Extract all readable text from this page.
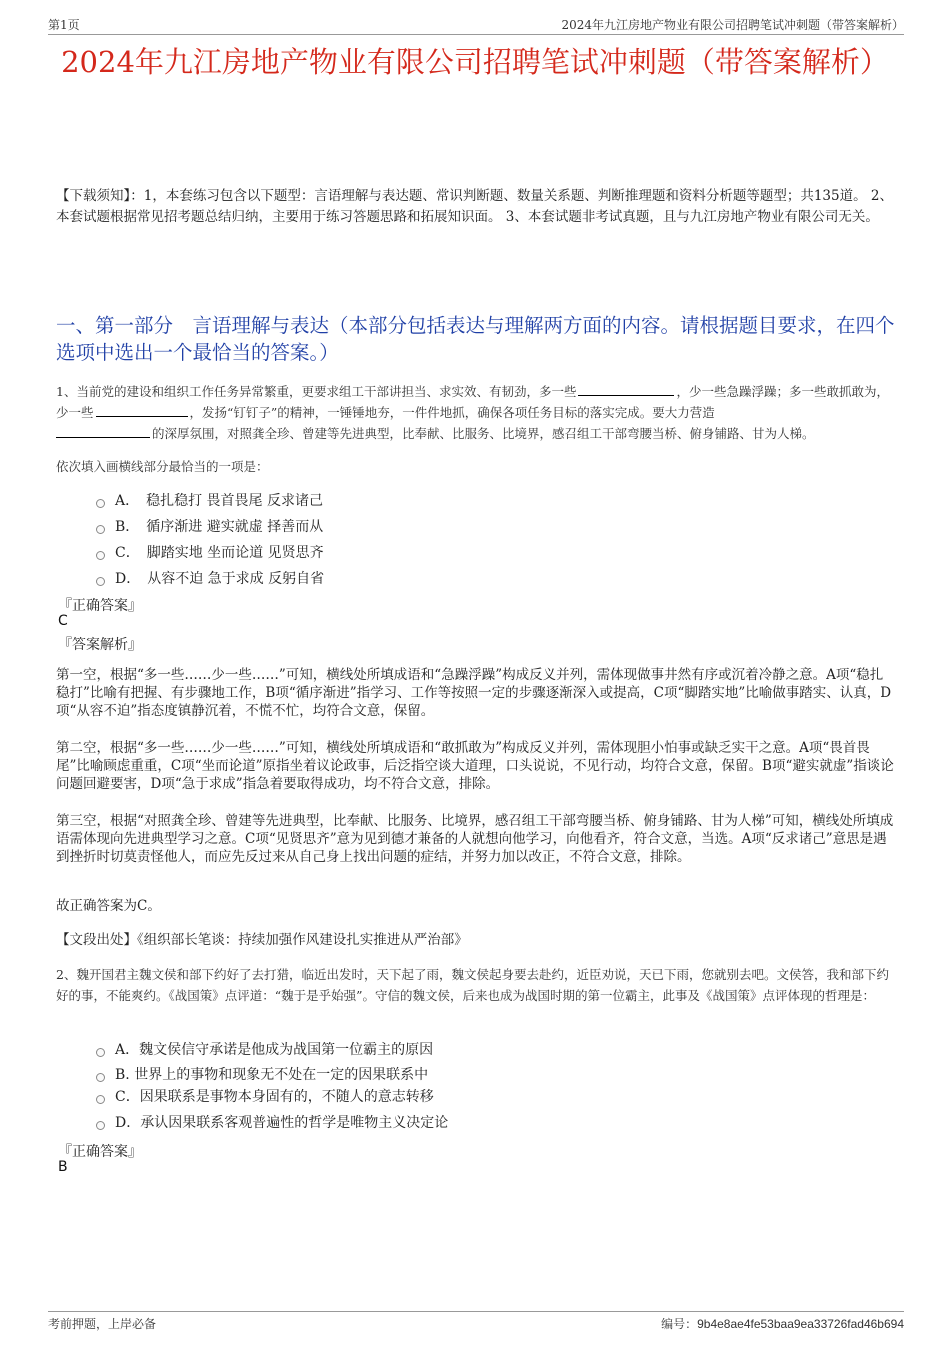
第1页	2024年九江房地产物业有限公司招聘笔试冲刺题（带答案解析）
2024年九江房地产物业有限公司招聘笔试冲刺题（带答案解析）
【下载须知】：1，本套练习包含以下题型：言语理解与表达题、常识判断题、数量关系题、判断推理题和资料分析题等题型；共135道。 2、本套试题根据常见招考题总结归纳，主要用于练习答题思路和拓展知识面。 3、本套试题非考试真题，且与九江房地产物业有限公司无关。
一、第一部分　言语理解与表达（本部分包括表达与理解两方面的内容。请根据题目要求，在四个选项中选出一个最恰当的答案。）
1、当前党的建设和组织工作任务异常繁重，更要求组工干部讲担当、求实效、有韧劲，多一些	，少一些急躁浮躁；多一些敢抓敢为，少一些	，发扬“钉钉子”的精神，一锤锤地夯，一件件地抓，确保各项任务目标的落实完成。要大力营造
的深厚氛围，对照龚全珍、曾建等先进典型，比奉献、比服务、比境界，感召组工干部弯腰当桥、俯身铺路、甘为人梯。
依次填入画横线部分最恰当的一项是：
A．　稳扎稳打 畏首畏尾 反求诸己
B．　循序渐进 避实就虚 择善而从
C．　脚踏实地 坐而论道 见贤思齐
D．　从容不迫 急于求成 反躬自省
『正确答案』
C
『答案解析』
第一空，根据“多一些……少一些……”可知，横线处所填成语和“急躁浮躁”构成反义并列，需体现做事井然有序或沉着冷静之意。A项“稳扎稳打”比喻有把握、有步骤地工作，B项“循序渐进”指学习、工作等按照一定的步骤逐渐深入或提高，C项“脚踏实地”比喻做事踏实、认真，D项“从容不迫”指态度镇静沉着，不慌不忙，均符合文意，保留。
第二空，根据“多一些……少一些……”可知，横线处所填成语和“敢抓敢为”构成反义并列，需体现胆小怕事或缺乏实干之意。A项“畏首畏尾”比喻顾虑重重，C项“坐而论道”原指坐着议论政事，后泛指空谈大道理，口头说说，不见行动，均符合文意，保留。B项“避实就虚”指谈论问题回避要害，D项“急于求成”指急着要取得成功，均不符合文意，排除。
第三空，根据“对照龚全珍、曾建等先进典型，比奉献、比服务、比境界，感召组工干部弯腰当桥、俯身铺路、甘为人梯”可知，横线处所填成语需体现向先进典型学习之意。C项“见贤思齐”意为见到德才兼备的人就想向他学习，向他看齐，符合文意，当选。A项“反求诸己”意思是遇到挫折时切莫责怪他人，而应先反过来从自己身上找出问题的症结，并努力加以改正，不符合文意，排除。
故正确答案为C。
【文段出处】《组织部长笔谈：持续加强作风建设扎实推进从严治部》
2、魏开国君主魏文侯和部下约好了去打猎，临近出发时，天下起了雨，魏文侯起身要去赴约，近臣劝说，天已下雨，您就别去吧。文侯答，我和部下约好的事，不能爽约。《战国策》点评道：“魏于是乎始强”。守信的魏文侯，后来也成为战国时期的第一位霸主，此事及《战国策》点评体现的哲理是：
A．魏文侯信守承诺是他成为战国第一位霸主的原因
B. 世界上的事物和现象无不处在一定的因果联系中
C．因果联系是事物本身固有的，不随人的意志转移
D．承认因果联系客观普遍性的哲学是唯物主义决定论
『正确答案』
B
考前押题，上岸必备	编号：9b4e8ae4fe53baa9ea33726fad46b694
